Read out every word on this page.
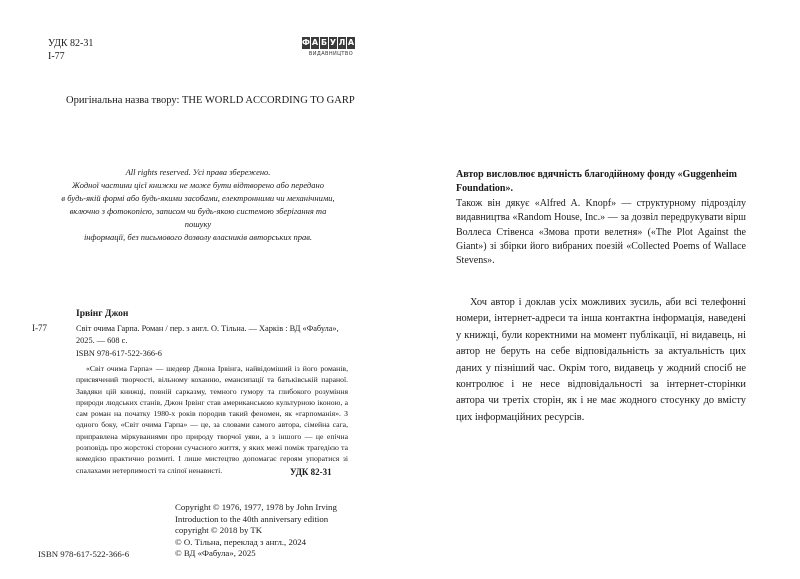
УДК 82-31
І-77
Ф А Б У Л А
ВИДАВНИЦТВО
Оригінальна назва твору: THE WORLD ACCORDING TO GARP
All rights reserved. Усі права збережено.
Жодної частини цієї книжки не може бути відтворено або передано
в будь-якій формі або будь-якими засобами, електронними чи механічними,
включно з фотокопією, записом чи будь-якою системою зберігання та пошуку
інформації, без письмового дозволу власників авторських прав.
Ірвінг Джон
І-77	Світ очима Гарпа. Роман / пер. з англ. О. Тільна. — Харків : ВД «Фабула»,
2025. — 608 с.
ISBN 978-617-522-366-6
«Світ очима Гарпа» — шедевр Джона Ірвінга, найвідоміший із його романів, присвячений творчості, вільному коханню, емансипації та батьківській параної. Завдяки цій книжці, повній сарказму, темного гумору та глибокого розуміння природи людських станів, Джон Ірвінг став американською культурною іконою, а сам роман на початку 1980-х років породив такий феномен, як «гарпоманія». З одного боку, «Світ очима Гарпа» — це, за словами самого автора, сімейна сага, приправлена міркуваннями про природу творчої уяви, а з іншого — це епічна розповідь про жорстокі сторони сучасного життя, у яких межі поміж трагедією та комедією практично розмиті. І лише мистецтво допомагає героям упоратися зі спалахами нетерпимості та сліпої ненависті.	УДК 82-31
Copyright © 1976, 1977, 1978 by John Irving
Introduction to the 40th anniversary edition
copyright © 2018 by TK
© О. Тільна, переклад з англ., 2024
© ВД «Фабула», 2025
ISBN 978-617-522-366-6

Автор висловлює вдячність благодійному фонду «Guggenheim Foundation».

Також він дякує «Alfred A. Knopf» — структурному підрозділу видавництва «Random House, Inc.» — за дозвіл передрукувати вірш Воллеса Стівенса «Змова проти велетня» («The Plot Against the Giant») зі збірки його вибраних поезій «Collected Poems of Wallace Stevens».

Хоч автор і доклав усіх можливих зусиль, аби всі телефонні номери, інтернет-адреси та інша контактна інформація, наведені у книжці, були коректними на момент публікації, ні видавець, ні автор не беруть на себе відповідальність за актуальність цих даних у пізніший час. Окрім того, видавець у жодний спосіб не контролює і не несе відповідальності за інтернет-сторінки автора чи третіх сторін, як і не має жодного стосунку до вмісту цих інформаційних ресурсів.
